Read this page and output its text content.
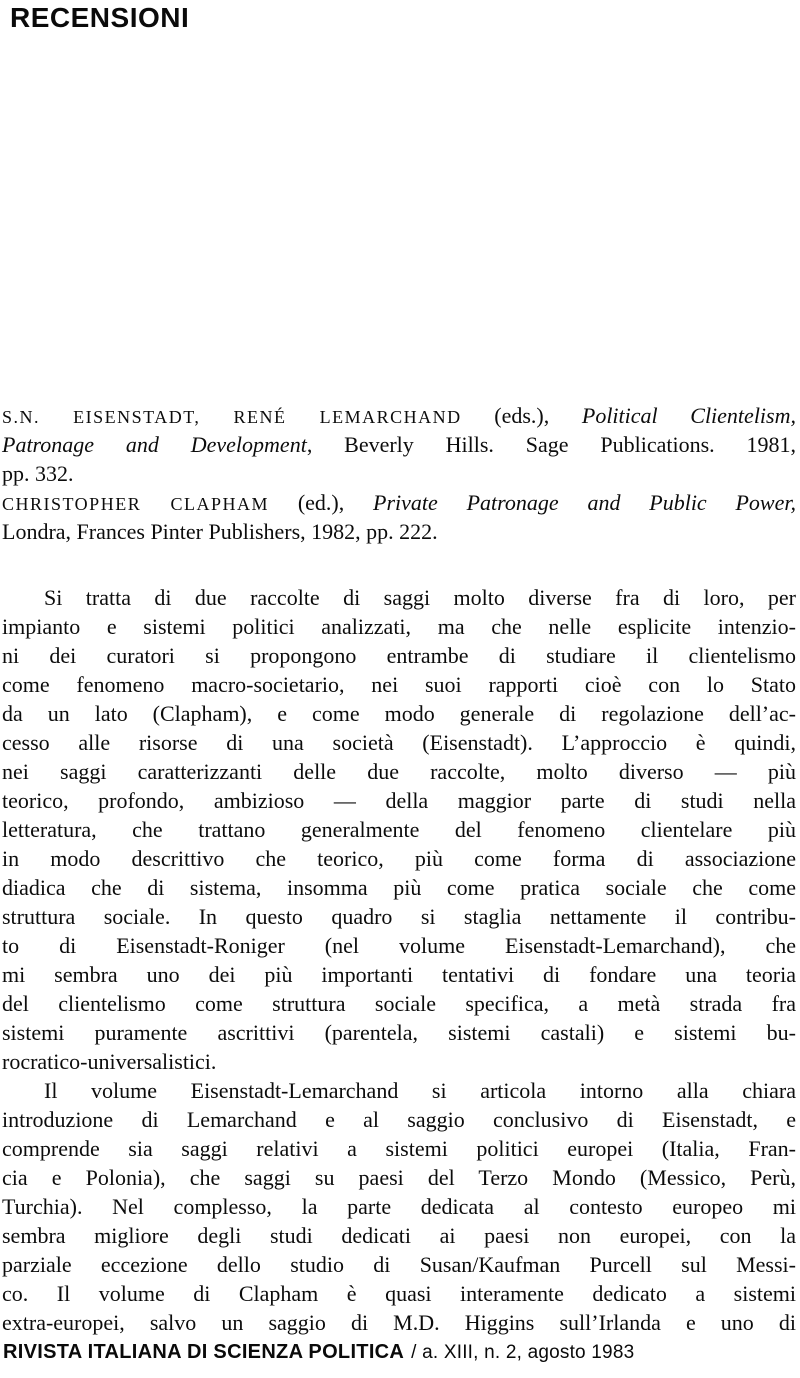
RECENSIONI
S.N. EISENSTADT, RENÉ LEMARCHAND (eds.), Political Clientelism,
Patronage and Development, Beverly Hills. Sage Publications. 1981,
pp. 332.
CHRISTOPHER CLAPHAM (ed.), Private Patronage and Public Power,
Londra, Frances Pinter Publishers, 1982, pp. 222.
Si tratta di due raccolte di saggi molto diverse fra di loro, per
impianto e sistemi politici analizzati, ma che nelle esplicite intenzio-
ni dei curatori si propongono entrambe di studiare il clientelismo
come fenomeno macro-societario, nei suoi rapporti cioè con lo Stato
da un lato (Clapham), e come modo generale di regolazione dell’ac-
cesso alle risorse di una società (Eisenstadt). L’approccio è quindi,
nei saggi caratterizzanti delle due raccolte, molto diverso — più
teorico, profondo, ambizioso — della maggior parte di studi nella
letteratura, che trattano generalmente del fenomeno clientelare più
in modo descrittivo che teorico, più come forma di associazione
diadica che di sistema, insomma più come pratica sociale che come
struttura sociale. In questo quadro si staglia nettamente il contribu-
to di Eisenstadt-Roniger (nel volume Eisenstadt-Lemarchand), che
mi sembra uno dei più importanti tentativi di fondare una teoria
del clientelismo come struttura sociale specifica, a metà strada fra
sistemi puramente ascrittivi (parentela, sistemi castali) e sistemi bu-
rocratico-universalistici.
Il volume Eisenstadt-Lemarchand si articola intorno alla chiara
introduzione di Lemarchand e al saggio conclusivo di Eisenstadt, e
comprende sia saggi relativi a sistemi politici europei (Italia, Fran-
cia e Polonia), che saggi su paesi del Terzo Mondo (Messico, Perù,
Turchia). Nel complesso, la parte dedicata al contesto europeo mi
sembra migliore degli studi dedicati ai paesi non europei, con la
parziale eccezione dello studio di Susan/Kaufman Purcell sul Messi-
co. Il volume di Clapham è quasi interamente dedicato a sistemi
extra-europei, salvo un saggio di M.D. Higgins sull’Irlanda e uno di
RIVISTA ITALIANA DI SCIENZA POLITICA / a. XIII, n. 2, agosto 1983
